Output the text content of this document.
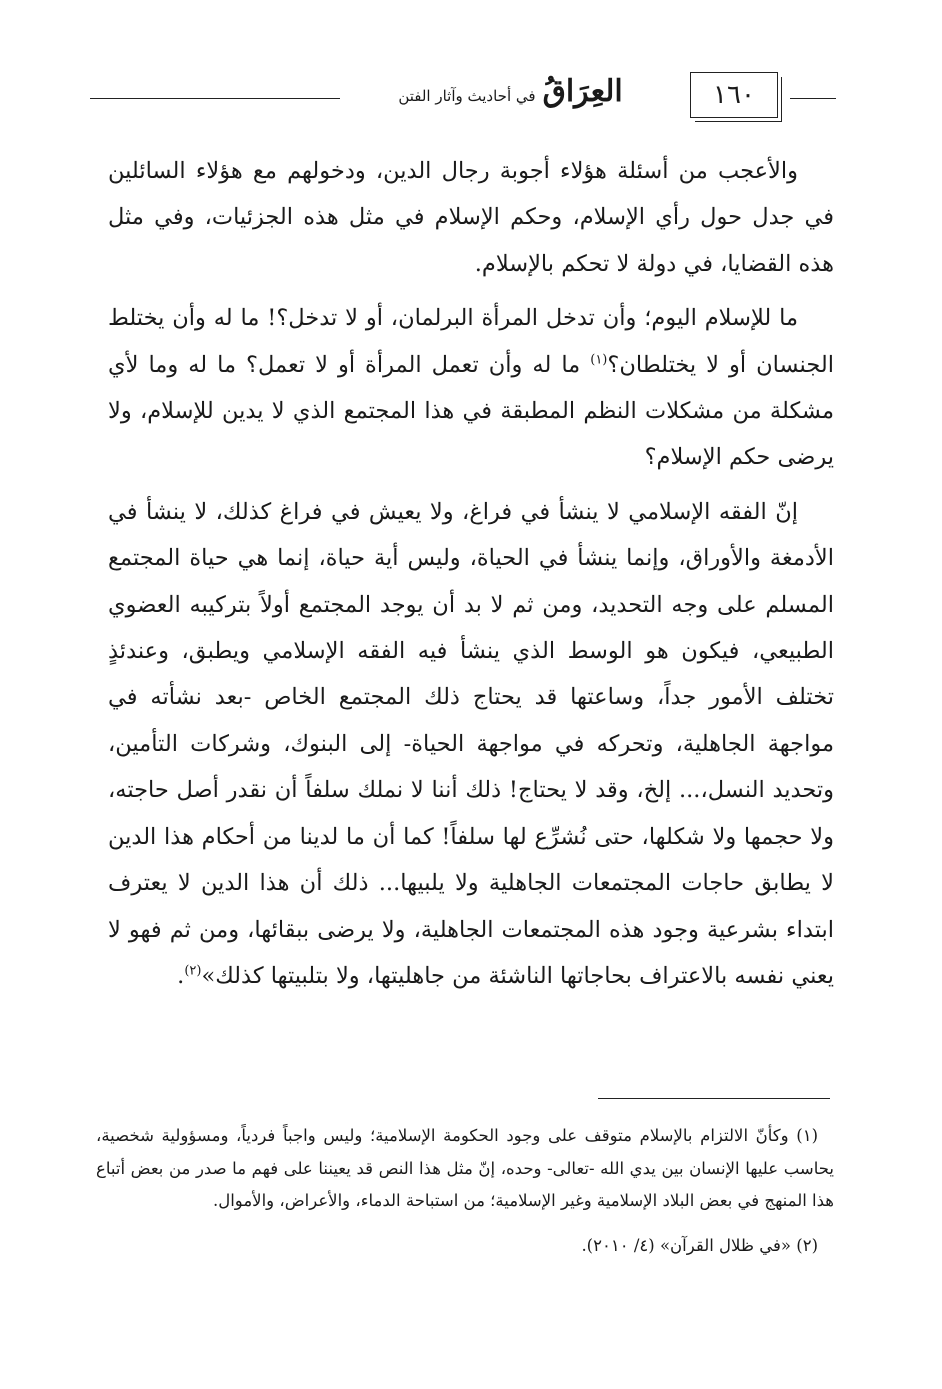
العِرَاقُ في أحاديث وآثار الفتن	١٦٠

والأعجب من أسئلة هؤلاء أجوبة رجال الدين، ودخولهم مع هؤلاء السائلين في جدل حول رأي الإسلام، وحكم الإسلام في مثل هذه الجزئيات، وفي مثل هذه القضايا، في دولة لا تحكم بالإسلام.

ما للإسلام اليوم؛ وأن تدخل المرأة البرلمان، أو لا تدخل؟! ما له وأن يختلط الجنسان أو لا يختلطان؟$^{(١)}$ ما له وأن تعمل المرأة أو لا تعمل؟ ما له وما لأي مشكلة من مشكلات النظم المطبقة في هذا المجتمع الذي لا يدين للإسلام، ولا يرضى حكم الإسلام؟

إنّ الفقه الإسلامي لا ينشأ في فراغ، ولا يعيش في فراغ كذلك، لا ينشأ في الأدمغة والأوراق، وإنما ينشأ في الحياة، وليس أية حياة، إنما هي حياة المجتمع المسلم على وجه التحديد، ومن ثم لا بد أن يوجد المجتمع أولاً بتركيبه العضوي الطبيعي، فيكون هو الوسط الذي ينشأ فيه الفقه الإسلامي ويطبق، وعندئذٍ تختلف الأمور جداً، وساعتها قد يحتاج ذلك المجتمع الخاص -بعد نشأته في مواجهة الجاهلية، وتحركه في مواجهة الحياة- إلى البنوك، وشركات التأمين، وتحديد النسل،... إلخ، وقد لا يحتاج! ذلك أننا لا نملك سلفاً أن نقدر أصل حاجته، ولا حجمها ولا شكلها، حتى نُشرِّع لها سلفاً! كما أن ما لدينا من أحكام هذا الدين لا يطابق حاجات المجتمعات الجاهلية ولا يلبيها... ذلك أن هذا الدين لا يعترف ابتداء بشرعية وجود هذه المجتمعات الجاهلية، ولا يرضى ببقائها، ومن ثم فهو لا يعني نفسه بالاعتراف بحاجاتها الناشئة من جاهليتها، ولا بتلبيتها كذلك»$^{(٢)}$.

(١) وكأنّ الالتزام بالإسلام متوقف على وجود الحكومة الإسلامية؛ وليس واجباً فردياً، ومسؤولية شخصية، يحاسب عليها الإنسان بين يدي الله -تعالى- وحده، إنّ مثل هذا النص قد يعيننا على فهم ما صدر من بعض أتباع هذا المنهج في بعض البلاد الإسلامية وغير الإسلامية؛ من استباحة الدماء، والأعراض، والأموال.

(٢) «في ظلال القرآن» (٤/ ٢٠١٠).
